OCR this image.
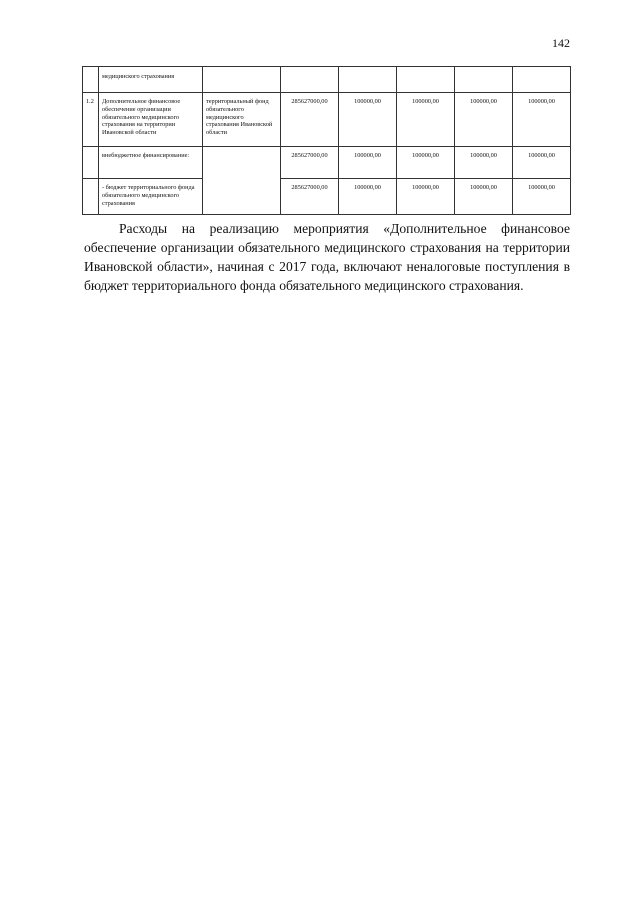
142
	медицинского страхования						
1.2	Дополнительное финансовое обеспечение организации обязательного медицинского страхования на территории Ивановской области	территориальный фонд обязательного медицинского страхования Ивановской области	285627000,00	100000,00	100000,00	100000,00	100000,00
	внебюджетное финансирование:		285627000,00	100000,00	100000,00	100000,00	100000,00
	- бюджет территориального фонда обязательного медицинского страхования		285627000,00	100000,00	100000,00	100000,00	100000,00

Расходы на реализацию мероприятия «Дополнительное финансовое обеспечение организации обязательного медицинского страхования на территории Ивановской области», начиная с 2017 года, включают неналоговые поступления в бюджет территориального фонда обязательного медицинского страхования.
